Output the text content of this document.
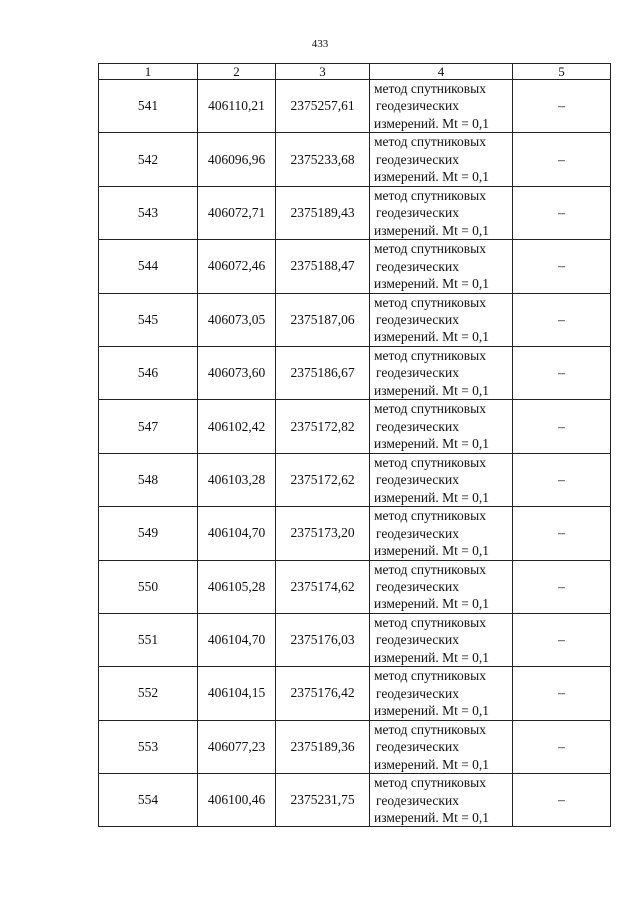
433
1	2	3	4	5
541	406110,21	2375257,61	метод спутниковых
геодезических
измерений. Mt = 0,1	–
542	406096,96	2375233,68	метод спутниковых
геодезических
измерений. Mt = 0,1	–
543	406072,71	2375189,43	метод спутниковых
геодезических
измерений. Mt = 0,1	–
544	406072,46	2375188,47	метод спутниковых
геодезических
измерений. Mt = 0,1	–
545	406073,05	2375187,06	метод спутниковых
геодезических
измерений. Mt = 0,1	–
546	406073,60	2375186,67	метод спутниковых
геодезических
измерений. Mt = 0,1	–
547	406102,42	2375172,82	метод спутниковых
геодезических
измерений. Mt = 0,1	–
548	406103,28	2375172,62	метод спутниковых
геодезических
измерений. Mt = 0,1	–
549	406104,70	2375173,20	метод спутниковых
геодезических
измерений. Mt = 0,1	–
550	406105,28	2375174,62	метод спутниковых
геодезических
измерений. Mt = 0,1	–
551	406104,70	2375176,03	метод спутниковых
геодезических
измерений. Mt = 0,1	–
552	406104,15	2375176,42	метод спутниковых
геодезических
измерений. Mt = 0,1	–
553	406077,23	2375189,36	метод спутниковых
геодезических
измерений. Mt = 0,1	–
554	406100,46	2375231,75	метод спутниковых
геодезических
измерений. Mt = 0,1	–
